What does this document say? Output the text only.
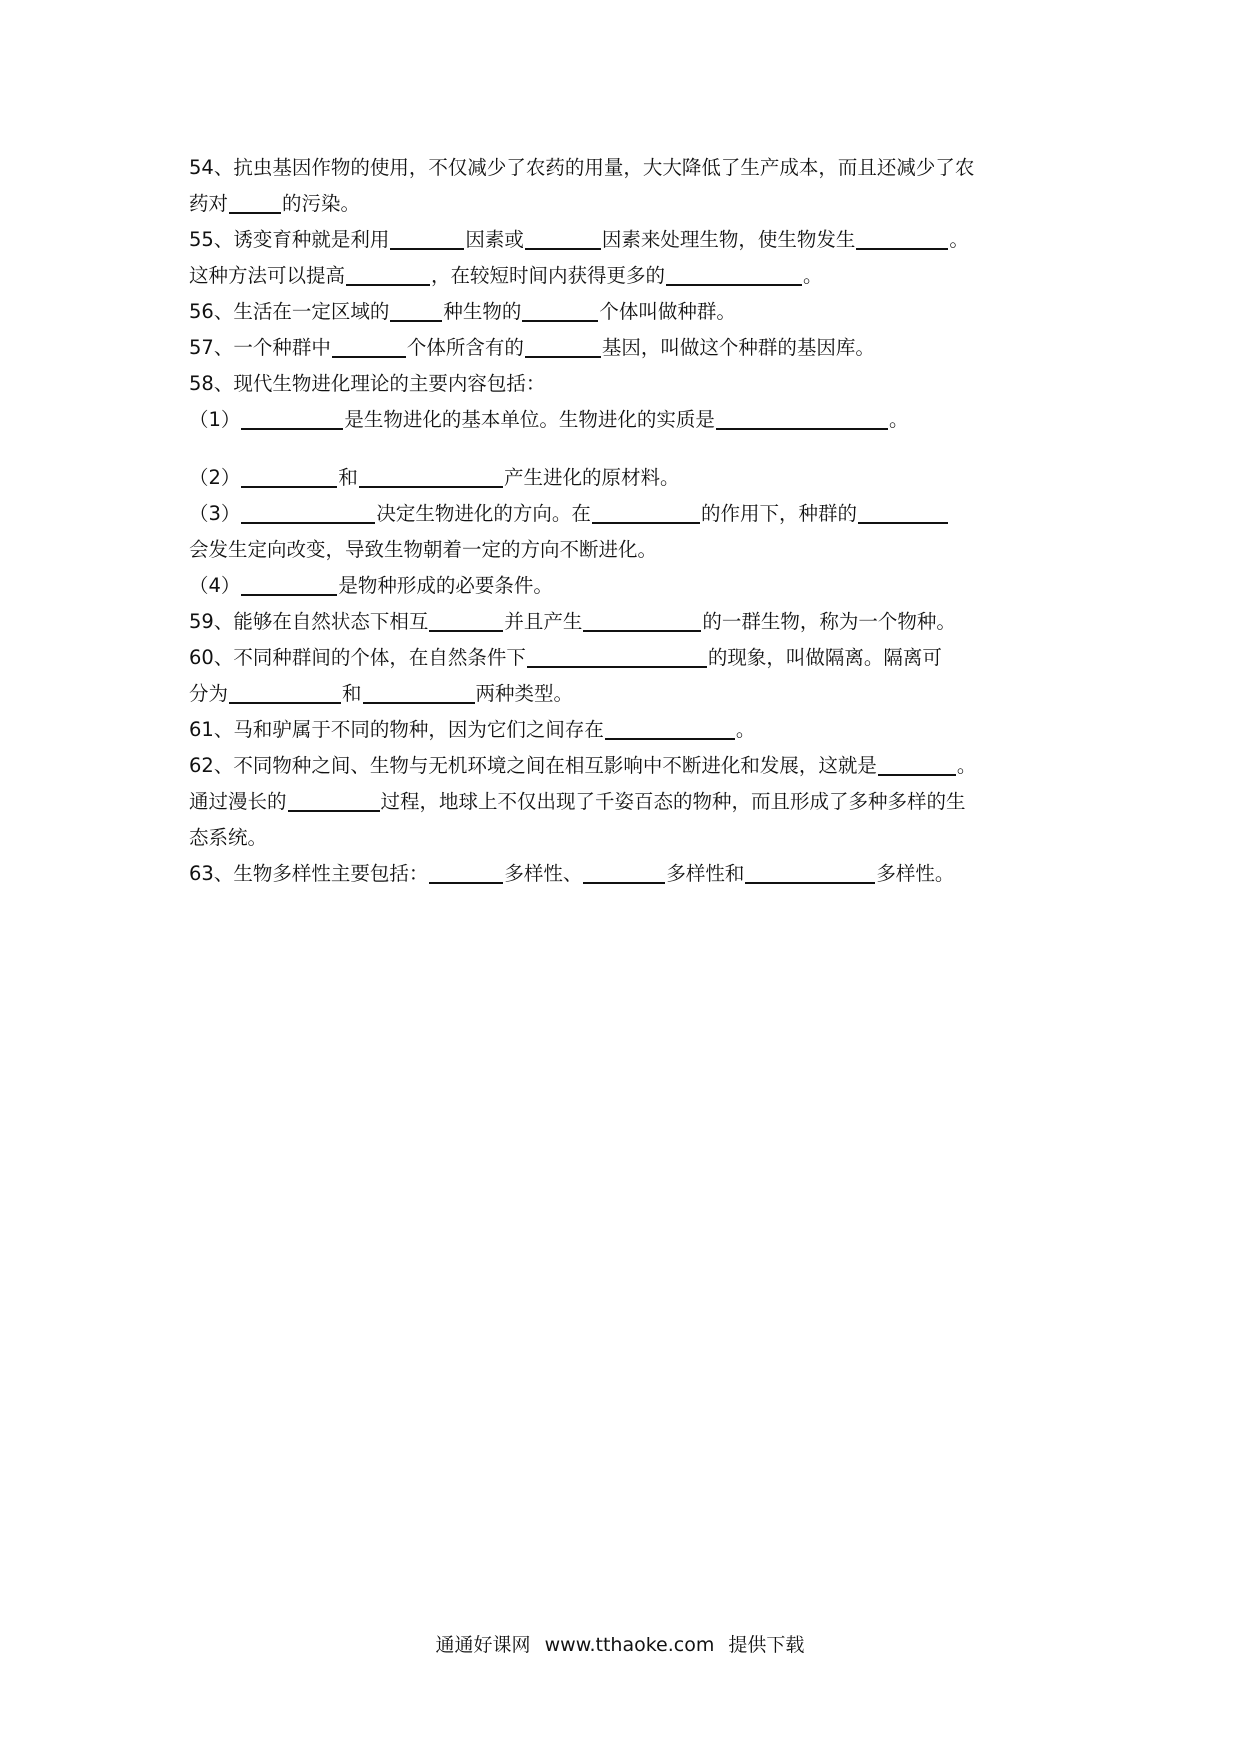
54、抗虫基因作物的使用，不仅减少了农药的用量，大大降低了生产成本，而且还减少了农
药对	的污染。
55、诱变育种就是利用	因素或	因素来处理生物，使生物发生	。
这种方法可以提高	，在较短时间内获得更多的	。
56、生活在一定区域的	种生物的	个体叫做种群。
57、一个种群中	个体所含有的	基因，叫做这个种群的基因库。
58、现代生物进化理论的主要内容包括：
（1）	是生物进化的基本单位。生物进化的实质是	。
（2）	和	产生进化的原材料。
（3）	决定生物进化的方向。在	的作用下，种群的
会发生定向改变，导致生物朝着一定的方向不断进化。
（4）	是物种形成的必要条件。
59、能够在自然状态下相互	并且产生	的一群生物，称为一个物种。
60、不同种群间的个体，在自然条件下	的现象，叫做隔离。隔离可
分为	和	两种类型。
61、马和驴属于不同的物种，因为它们之间存在	。
62、不同物种之间、生物与无机环境之间在相互影响中不断进化和发展，这就是	。
通过漫长的	过程，地球上不仅出现了千姿百态的物种，而且形成了多种多样的生
态系统。
63、生物多样性主要包括：	多样性、	多样性和	多样性。
通通好课网 www.tthaoke.com 提供下载
